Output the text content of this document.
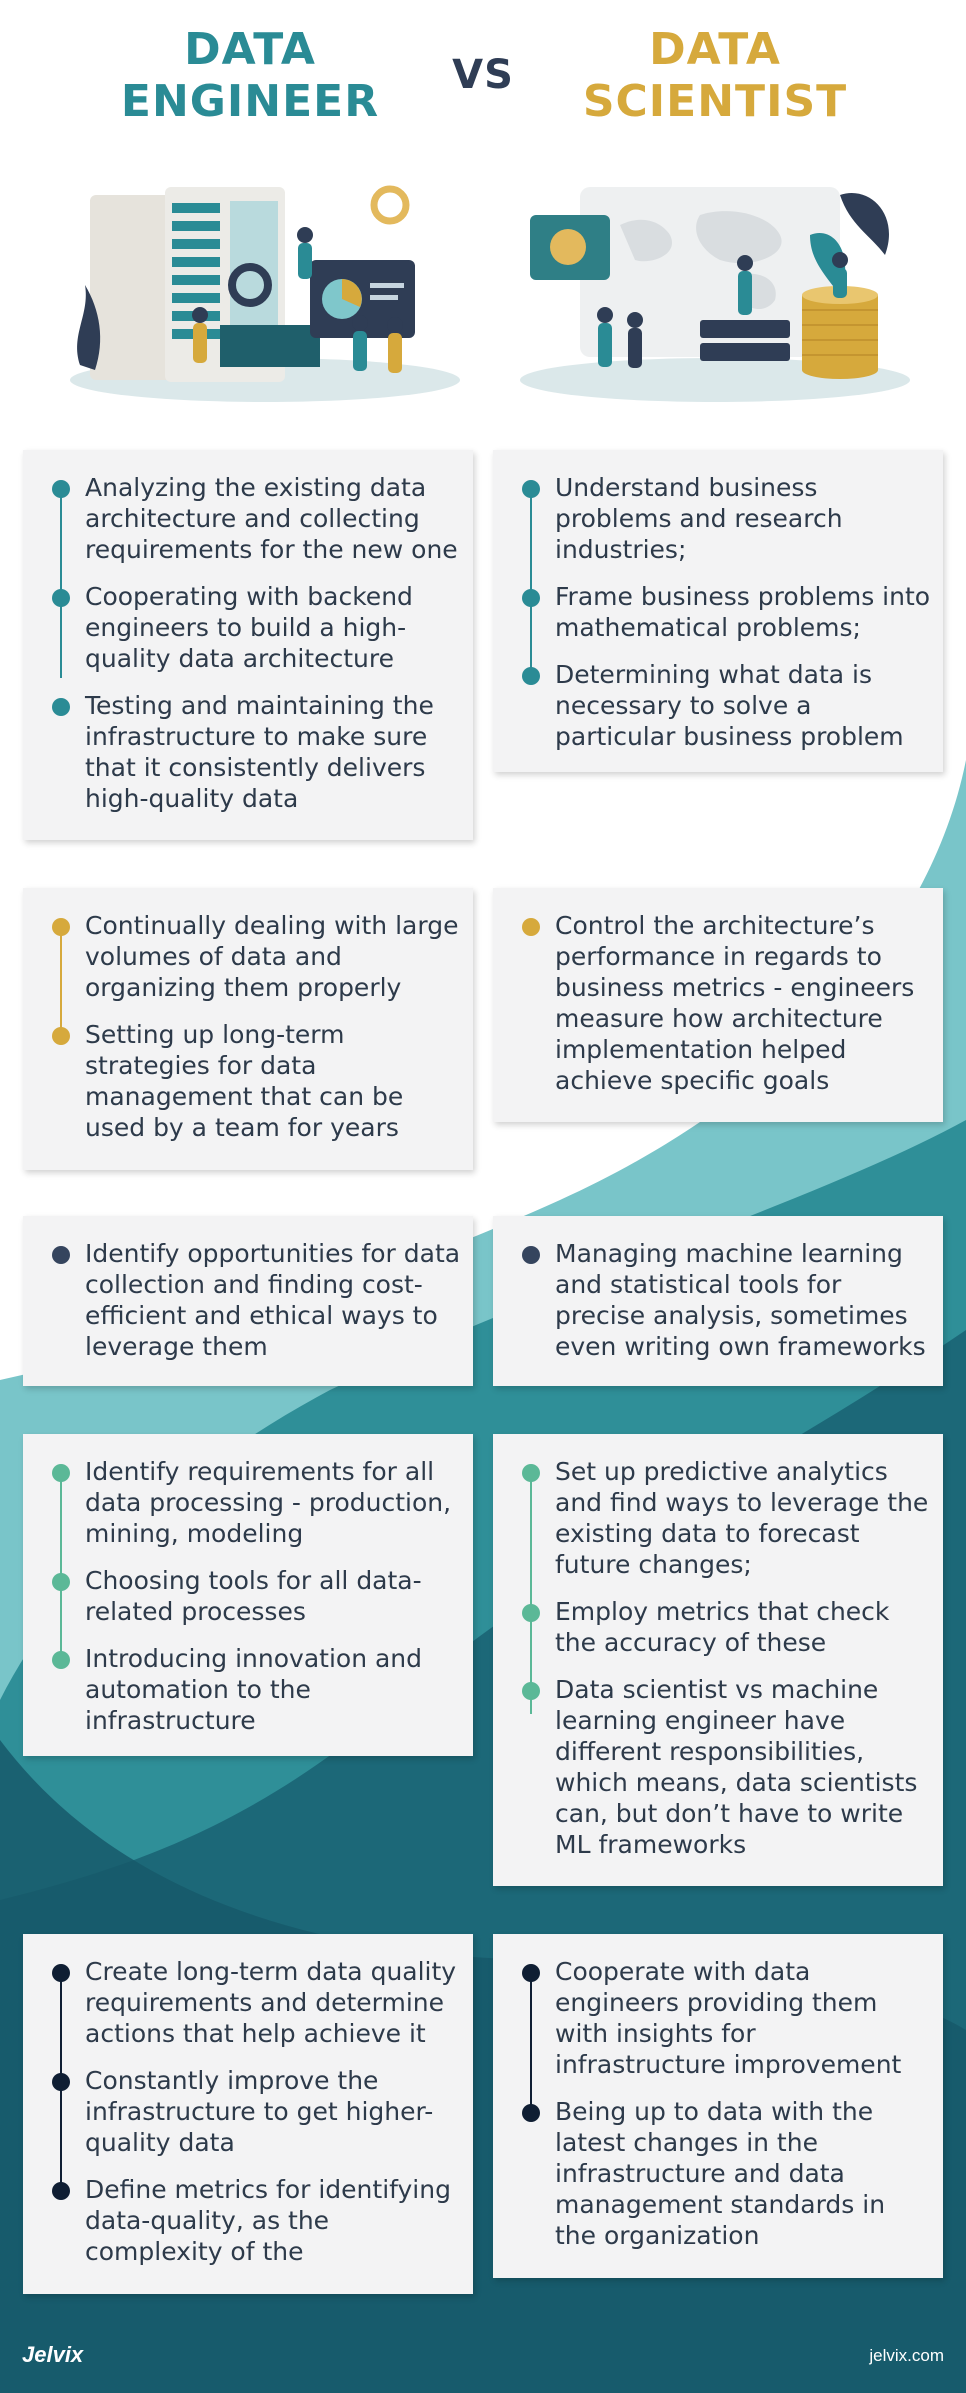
DATA
ENGINEER
VS	DATA
SCIENTIST
Analyzing the existing data architecture and collecting requirements for the new one
Cooperating with backend engineers to build a high-quality data architecture
Testing and maintaining the infrastructure to make sure that it consistently delivers high-quality data
Understand business problems and research industries;
Frame business problems into mathematical problems;
Determining what data is necessary to solve a particular business problem
Continually dealing with large volumes of data and organizing them properly
Setting up long-term strategies for data management that can be used by a team for years
Control the architecture’s performance in regards to business metrics - engineers measure how architecture implementation helped achieve specific goals
Identify opportunities for data collection and finding cost-efficient and ethical ways to leverage them
Managing machine learning and statistical tools for precise analysis, sometimes even writing own frameworks
Identify requirements for all data processing - production, mining, modeling
Choosing tools for all data-related processes
Introducing innovation and automation to the infrastructure
Set up predictive analytics and find ways to leverage the existing data to forecast future changes;
Employ metrics that check the accuracy of these
Data scientist vs machine learning engineer have different responsibilities, which means, data scientists can, but don’t have to write ML frameworks
Create long-term data quality requirements and determine actions that help achieve it
Constantly improve the infrastructure to get higher-quality data
Define metrics for identifying data-quality, as the complexity of the
Cooperate with data engineers providing them with insights for infrastructure improvement
Being up to data with the latest changes in the infrastructure and data management standards in the organization
Jelvix	jelvix.com
